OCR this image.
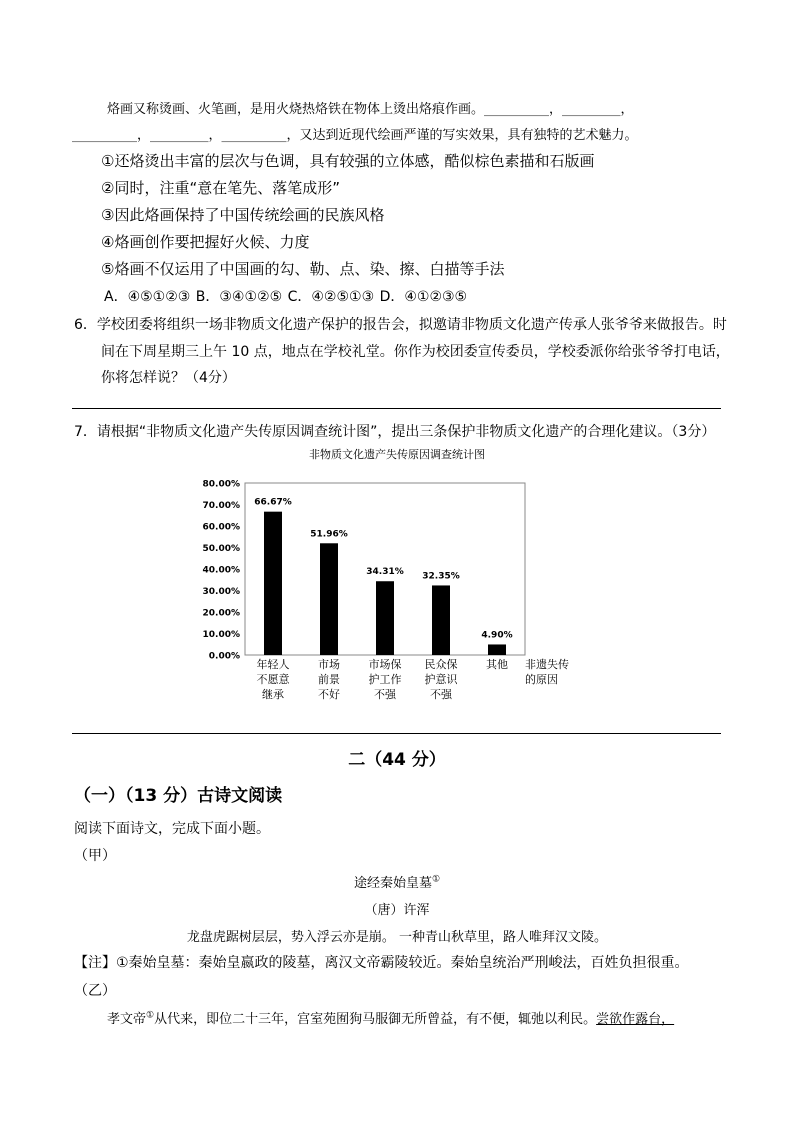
烙画又称烫画、火笔画，是用火烧热烙铁在物体上烫出烙痕作画。__________，_________，
__________，_________，__________，又达到近现代绘画严谨的写实效果，具有独特的艺术魅力。
①还烙烫出丰富的层次与色调，具有较强的立体感，酷似棕色素描和石版画
②同时，注重“意在笔先、落笔成形”
③因此烙画保持了中国传统绘画的民族风格
④烙画创作要把握好火候、力度
⑤烙画不仅运用了中国画的勾、勒、点、染、擦、白描等手法
A．④⑤①②③ B．③④①②⑤ C．④②⑤①③ D．④①②③⑤
6．学校团委将组织一场非物质文化遗产保护的报告会，拟邀请非物质文化遗产传承人张爷爷来做报告。时
间在下周星期三上午 10 点，地点在学校礼堂。你作为校团委宣传委员，学校委派你给张爷爷打电话，
你将怎样说？（4分）
7．请根据“非物质文化遗产失传原因调查统计图”，提出三条保护非物质文化遗产的合理化建议。（3分）
非物质文化遗产失传原因调查统计图
0.00%
10.00%
20.00%
30.00%
40.00%
50.00%
60.00%
70.00%
80.00%
66.67%
51.96%
34.31% 32.35%
4.90%
年轻人
不愿意
继承
市场
前景
不好
市场保
护工作
不强
民众保
护意识
不强
其他 非遗失传
的原因
二（44 分）
（一）（13 分）古诗文阅读
阅读下面诗文，完成下面小题。
（甲）
途经秦始皇墓①
（唐）许浑
龙盘虎踞树层层，势入浮云亦是崩。 一种青山秋草里，路人唯拜汉文陵。
【注】①秦始皇墓：秦始皇嬴政的陵墓，离汉文帝霸陵较近。秦始皇统治严刑峻法，百姓负担很重。
（乙）
孝文帝①从代来，即位二十三年，宫室苑囿狗马服御无所曾益，有不便，辄弛以利民。尝欲作露台，
